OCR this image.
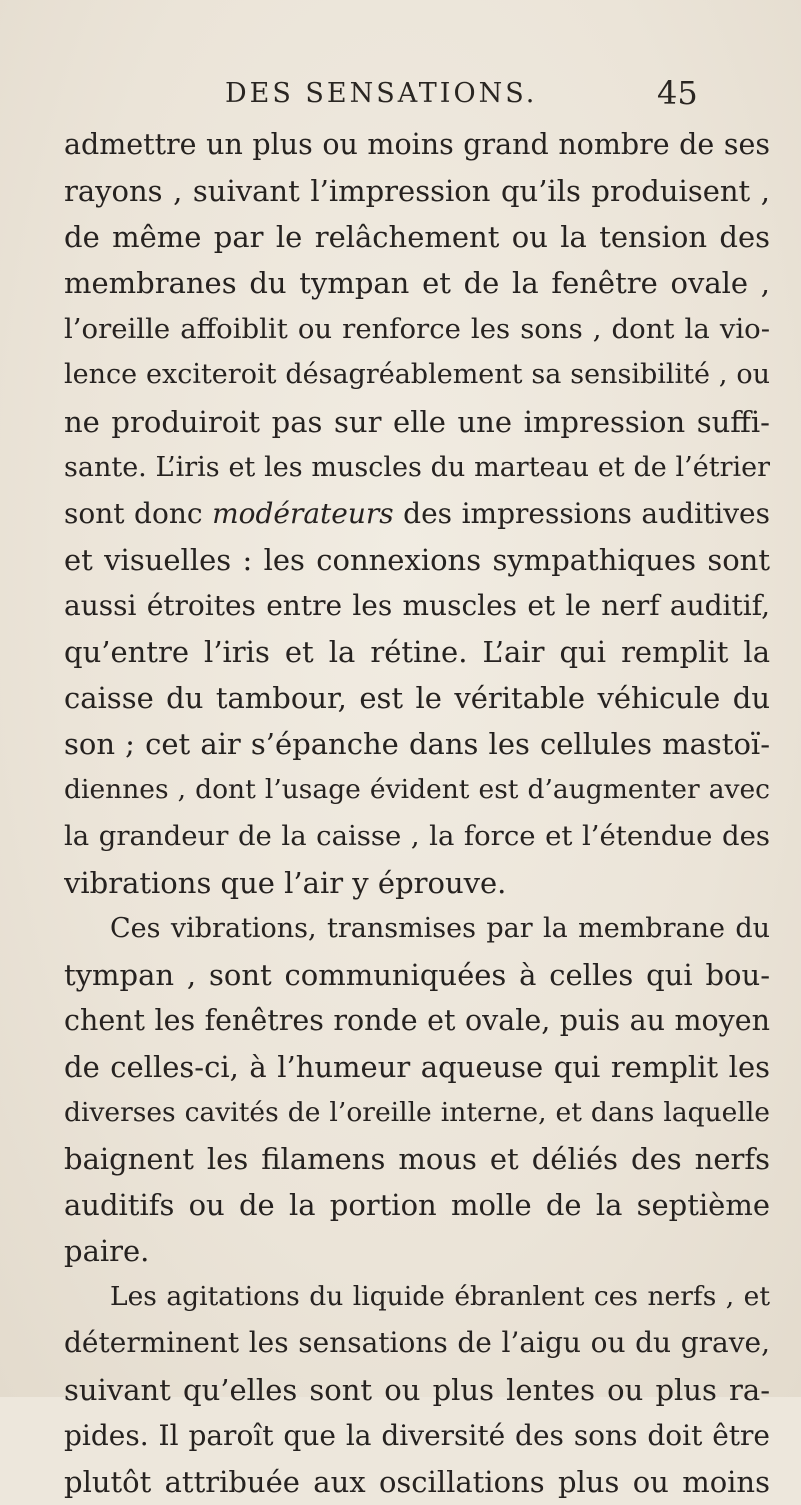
DES SENSATIONS.	45
admettre un plus ou moins grand nombre de ses
rayons , suivant l’impression qu’ils produisent ,
de même par le relâchement ou la tension des
membranes du tympan et de la fenêtre ovale ,
l’oreille affoiblit ou renforce les sons , dont la vio-
lence exciteroit désagréablement sa sensibilité , ou
ne produiroit pas sur elle une impression suffi-
sante. L’iris et les muscles du marteau et de l’étrier
sont donc modérateurs des impressions auditives
et visuelles : les connexions sympathiques sont
aussi étroites entre les muscles et le nerf auditif,
qu’entre l’iris et la rétine. L’air qui remplit la
caisse du tambour, est le véritable véhicule du
son ; cet air s’épanche dans les cellules mastoï-
diennes , dont l’usage évident est d’augmenter avec
la grandeur de la caisse , la force et l’étendue des
vibrations que l’air y éprouve.
Ces vibrations, transmises par la membrane du
tympan , sont communiquées à celles qui bou-
chent les fenêtres ronde et ovale, puis au moyen
de celles-ci, à l’humeur aqueuse qui remplit les
diverses cavités de l’oreille interne, et dans laquelle
baignent les filamens mous et déliés des nerfs
auditifs ou de la portion molle de la septième
paire.
Les agitations du liquide ébranlent ces nerfs , et
déterminent les sensations de l’aigu ou du grave,
suivant qu’elles sont ou plus lentes ou plus ra-
pides. Il paroît que la diversité des sons doit être
plutôt attribuée aux oscillations plus ou moins
